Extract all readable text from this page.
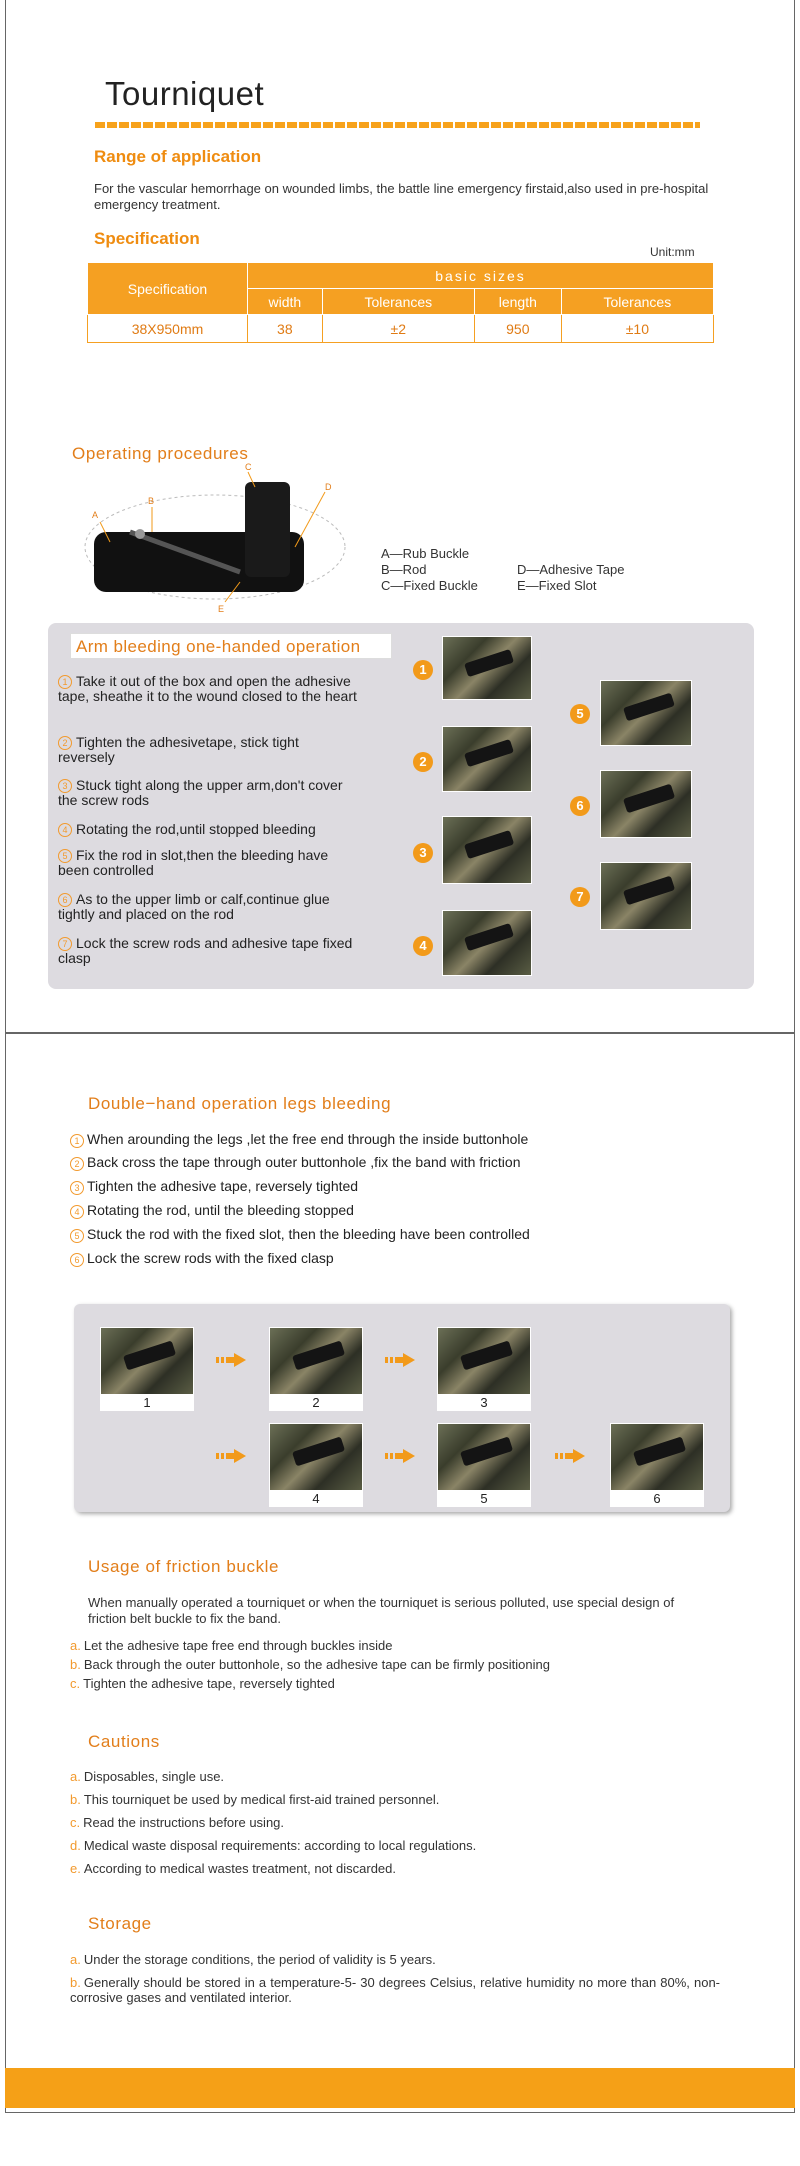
Tourniquet
Range of application
For the vascular hemorrhage on wounded limbs, the battle line emergency firstaid,also used in pre-hospital emergency treatment.
Specification
Unit:mm
Specification	basic sizes			
	width	Tolerances	length	Tolerances
38X950mm	38	±2	950	±10
Operating procedures
A
B
C
D
E
A—Rub Buckle
B—Rod
C—Fixed Buckle
D—Adhesive Tape
E—Fixed Slot
Arm bleeding one-handed operation
1 Take it out of the box and open the adhesive tape, sheathe it to the wound closed to the heart
2 Tighten the adhesivetape, stick tight reversely
3 Stuck tight along the upper arm,don't cover the screw rods
4 Rotating the rod,until stopped bleeding
5 Fix the rod in slot,then the bleeding have been controlled
6 As to the upper limb or calf,continue glue tightly and placed on the rod
7 Lock the screw rods and adhesive tape fixed clasp
1
2
3
4
5
6
7
Double−hand operation legs bleeding
1 When arounding the legs ,let the free end through the inside buttonhole
2 Back cross the tape through outer buttonhole ,fix the band with friction
3 Tighten the adhesive tape, reversely tighted
4 Rotating the rod, until the bleeding stopped
5 Stuck the rod with the fixed slot, then the bleeding have been controlled
6 Lock the screw rods with the fixed clasp
1	2	3
4	5	6
Usage of friction buckle
When manually operated a tourniquet or when the tourniquet is serious polluted, use special design of friction belt buckle to fix the band.
a. Let the adhesive tape free end through buckles inside
b. Back through the outer buttonhole, so the adhesive tape can be firmly positioning
c. Tighten the adhesive tape, reversely tighted
Cautions
a. Disposables, single use.
b. This tourniquet be used by medical first-aid trained personnel.
c. Read the instructions before using.
d. Medical waste disposal requirements: according to local regulations.
e. According to medical wastes treatment, not discarded.
Storage
a. Under the storage conditions, the period of validity is 5 years.
b. Generally should be stored in a temperature-5- 30 degrees Celsius, relative humidity no more than 80%, non- corrosive gases and ventilated interior.
